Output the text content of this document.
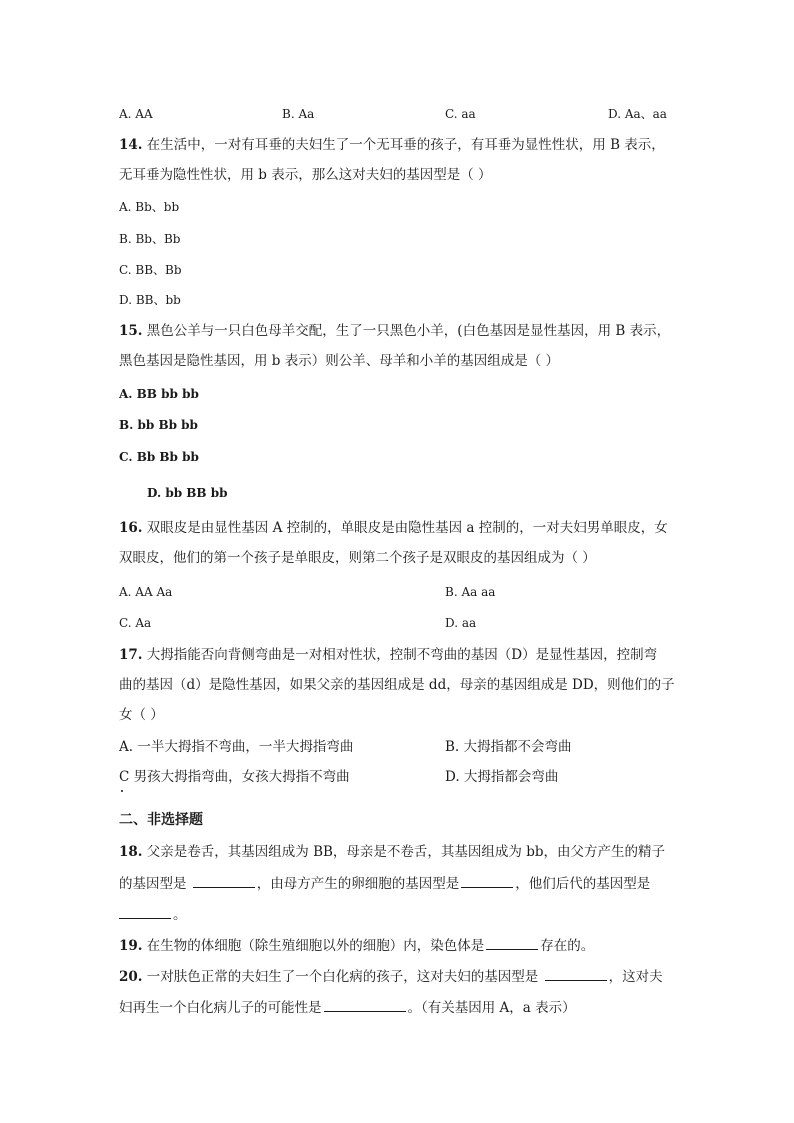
A. AA	B. Aa	C. aa	D. Aa、aa
14. 在生活中，一对有耳垂的夫妇生了一个无耳垂的孩子，有耳垂为显性性状，用 B 表示，
无耳垂为隐性性状，用 b 表示，那么这对夫妇的基因型是（ ）
A. Bb、bb
B. Bb、Bb
C. BB、Bb
D. BB、bb
15. 黑色公羊与一只白色母羊交配，生了一只黑色小羊，(白色基因是显性基因，用 B 表示，
黑色基因是隐性基因，用 b 表示）则公羊、母羊和小羊的基因组成是（ ）
A. BB bb bb
B. bb Bb bb
C. Bb Bb bb
D. bb BB bb
16. 双眼皮是由显性基因 A 控制的，单眼皮是由隐性基因 a 控制的，一对夫妇男单眼皮，女
双眼皮，他们的第一个孩子是单眼皮，则第二个孩子是双眼皮的基因组成为（ ）
A. AA Aa	B. Aa aa
C. Aa	D. aa
17. 大拇指能否向背侧弯曲是一对相对性状，控制不弯曲的基因（D）是显性基因，控制弯
曲的基因（d）是隐性基因，如果父亲的基因组成是 dd，母亲的基因组成是 DD，则他们的子
女（ ）
A. 一半大拇指不弯曲，一半大拇指弯曲	B. 大拇指都不会弯曲
C 男孩大拇指弯曲，女孩大拇指不弯曲	D. 大拇指都会弯曲
二、非选择题
18. 父亲是卷舌，其基因组成为 BB，母亲是不卷舌，其基因组成为 bb，由父方产生的精子
的基因型是	，由母方产生的卵细胞的基因型是	，他们后代的基因型是
。
19. 在生物的体细胞（除生殖细胞以外的细胞）内，染色体是	存在的。
20. 一对肤色正常的夫妇生了一个白化病的孩子，这对夫妇的基因型是	，这对夫
妇再生一个白化病儿子的可能性是	。（有关基因用 A，a 表示）
